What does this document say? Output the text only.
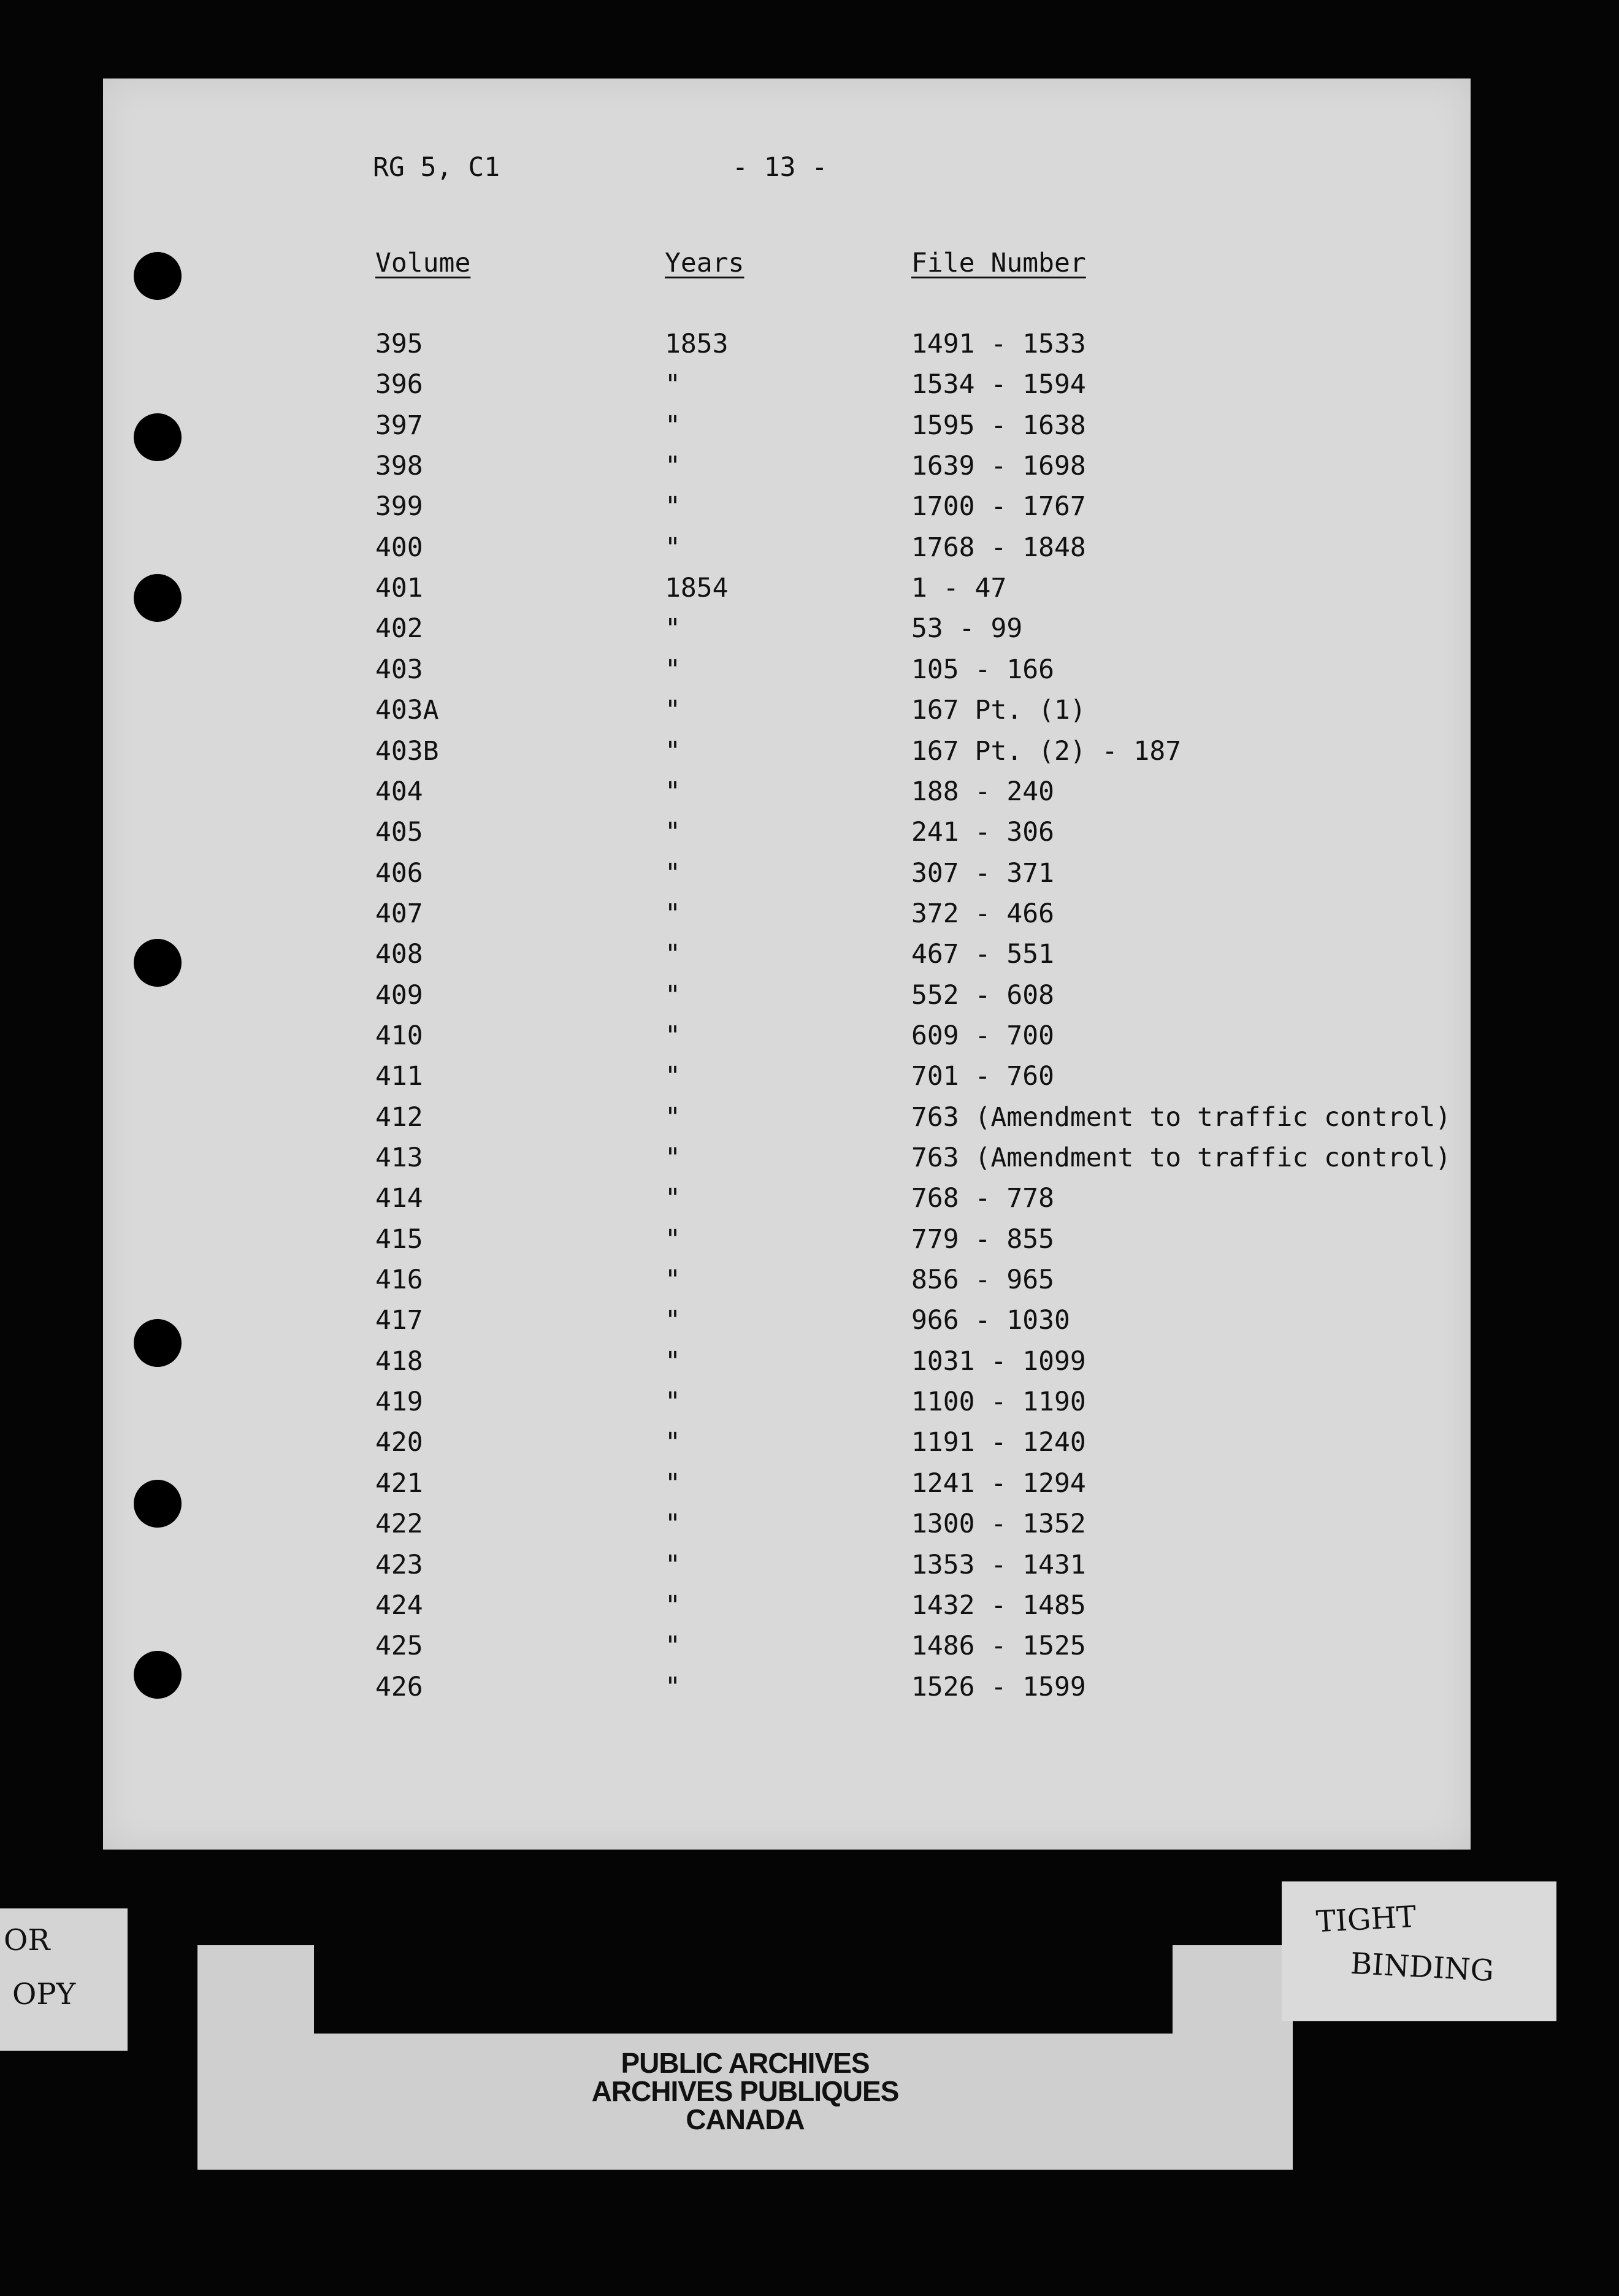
RG 5, C1	- 13 -
Volume	Years	File Number
395	1853	1491 - 1533
396	"	1534 - 1594
397	"	1595 - 1638
398	"	1639 - 1698
399	"	1700 - 1767
400	"	1768 - 1848
401	1854	1 - 47
402	"	53 - 99
403	"	105 - 166
403A	"	167 Pt. (1)
403B	"	167 Pt. (2) - 187
404	"	188 - 240
405	"	241 - 306
406	"	307 - 371
407	"	372 - 466
408	"	467 - 551
409	"	552 - 608
410	"	609 - 700
411	"	701 - 760
412	"	763 (Amendment to traffic control)
413	"	763 (Amendment to traffic control)
414	"	768 - 778
415	"	779 - 855
416	"	856 - 965
417	"	966 - 1030
418	"	1031 - 1099
419	"	1100 - 1190
420	"	1191 - 1240
421	"	1241 - 1294
422	"	1300 - 1352
423	"	1353 - 1431
424	"	1432 - 1485
425	"	1486 - 1525
426	"	1526 - 1599
OR
OPY
PUBLIC ARCHIVES
ARCHIVES PUBLIQUES
CANADA
TIGHT
BINDING
